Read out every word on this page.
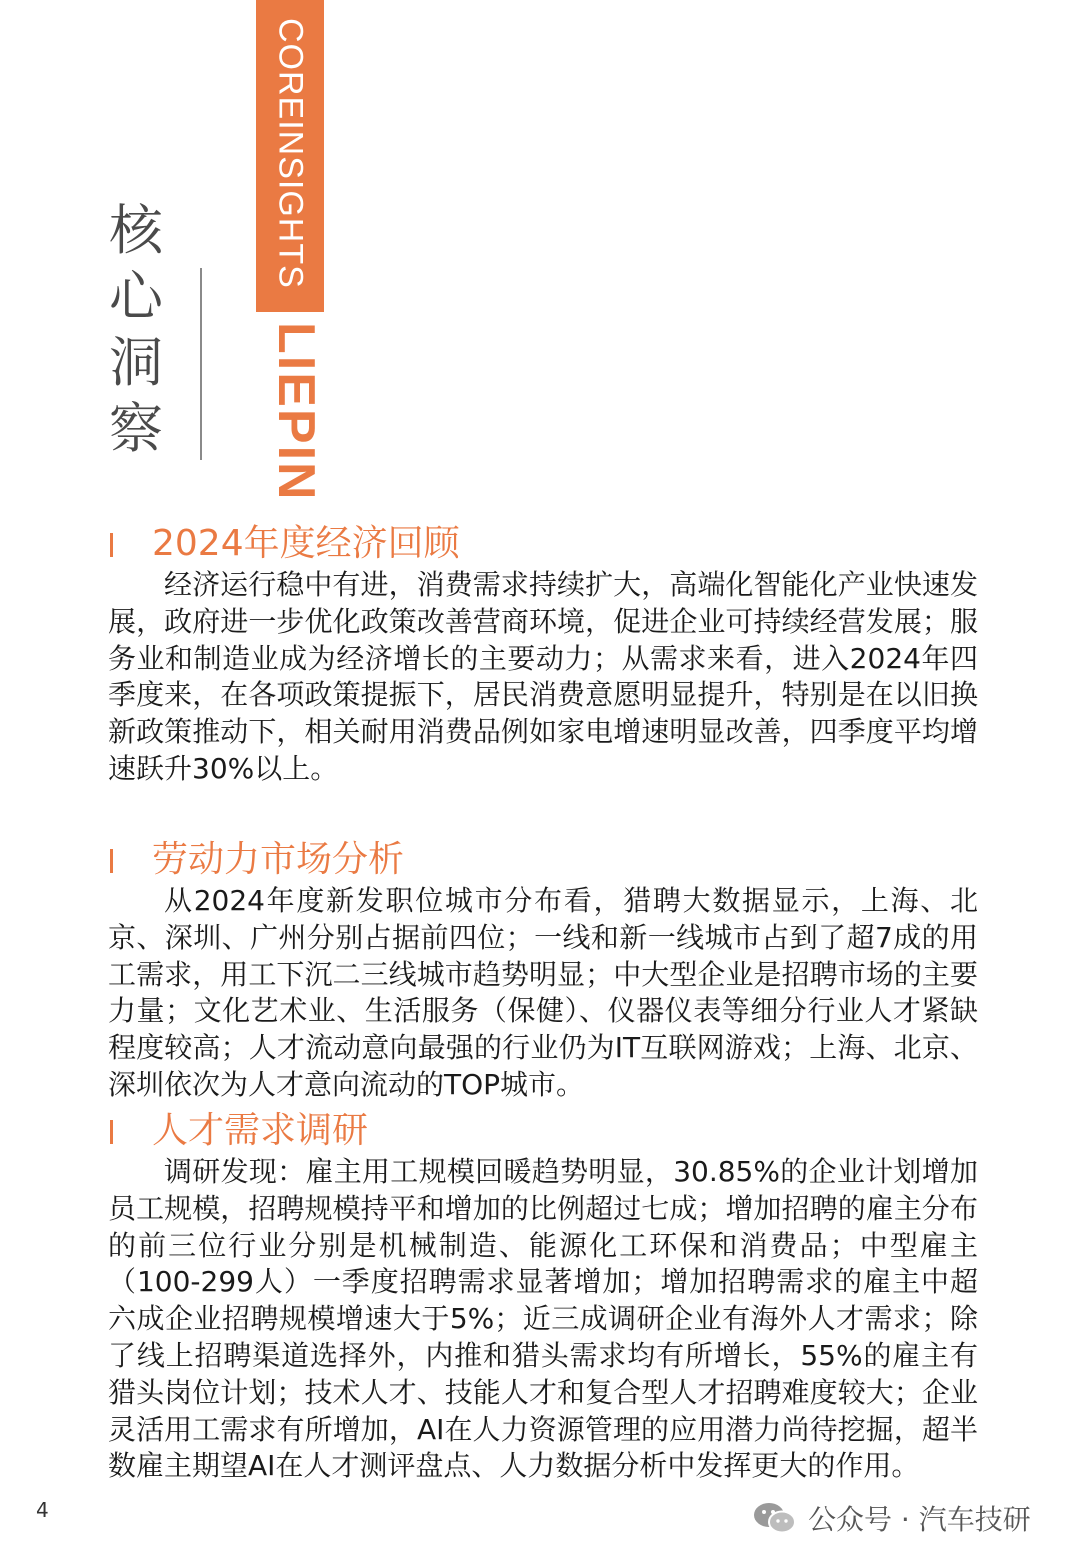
核心洞察
COREINSIGHTS
LIEPIN
2024年度经济回顾

经济运行稳中有进，消费需求持续扩大，高端化智能化产业快速发展，政府进一步优化政策改善营商环境，促进企业可持续经营发展；服务业和制造业成为经济增长的主要动力；从需求来看，进入2024年四季度来，在各项政策提振下，居民消费意愿明显提升，特别是在以旧换新政策推动下，相关耐用消费品例如家电增速明显改善，四季度平均增速跃升30%以上。

劳动力市场分析

从2024年度新发职位城市分布看，猎聘大数据显示，上海、北京、深圳、广州分别占据前四位；一线和新一线城市占到了超7成的用工需求，用工下沉二三线城市趋势明显；中大型企业是招聘市场的主要力量；文化艺术业、生活服务（保健）、仪器仪表等细分行业人才紧缺程度较高；人才流动意向最强的行业仍为IT互联网游戏；上海、北京、深圳依次为人才意向流动的TOP城市。

人才需求调研

调研发现：雇主用工规模回暖趋势明显，30.85%的企业计划增加员工规模，招聘规模持平和增加的比例超过七成；增加招聘的雇主分布的前三位行业分别是机械制造、能源化工环保和消费品；中型雇主（100-299人）一季度招聘需求显著增加；增加招聘需求的雇主中超六成企业招聘规模增速大于5%；近三成调研企业有海外人才需求；除了线上招聘渠道选择外，内推和猎头需求均有所增长，55%的雇主有猎头岗位计划；技术人才、技能人才和复合型人才招聘难度较大；企业灵活用工需求有所增加，AI在人力资源管理的应用潜力尚待挖掘，超半数雇主期望AI在人才测评盘点、人力数据分析中发挥更大的作用。

4	公众号 · 汽车技研
